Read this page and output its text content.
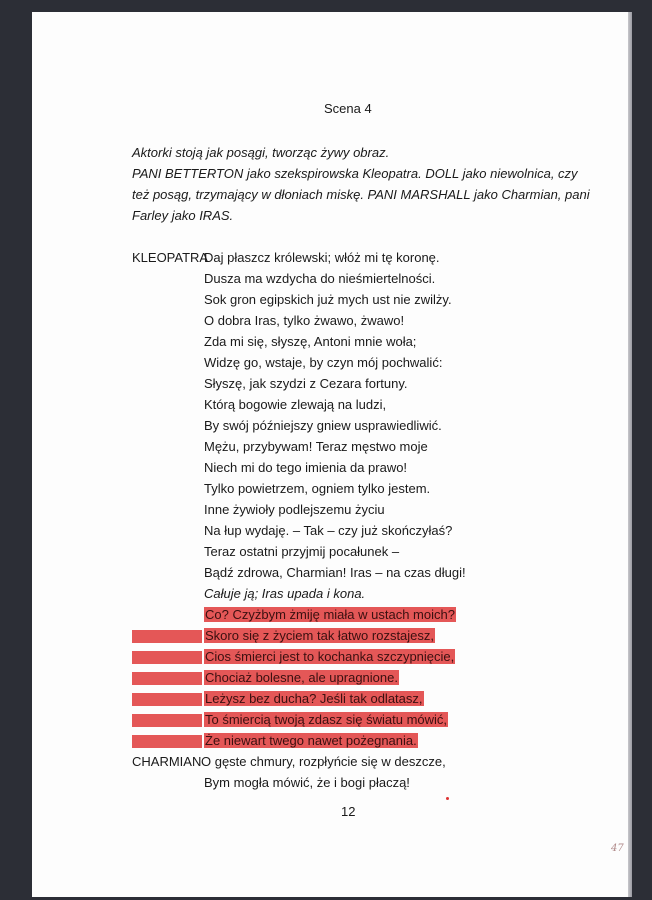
Scena 4
Aktorki stoją jak posągi, tworząc żywy obraz.
PANI BETTERTON jako szekspirowska Kleopatra. DOLL jako niewolnica, czy
też posąg, trzymający w dłoniach miskę. PANI MARSHALL jako Charmian, pani
Farley jako IRAS.
KLEOPATRA
Daj płaszcz królewski; włóż mi tę koronę.
Dusza ma wzdycha do nieśmiertelności.
Sok gron egipskich już mych ust nie zwilży.
O dobra Iras, tylko żwawo, żwawo!
Zda mi się, słyszę, Antoni mnie woła;
Widzę go, wstaje, by czyn mój pochwalić:
Słyszę, jak szydzi z Cezara fortuny.
Którą bogowie zlewają na ludzi,
By swój późniejszy gniew usprawiedliwić.
Mężu, przybywam! Teraz męstwo moje
Niech mi do tego imienia da prawo!
Tylko powietrzem, ogniem tylko jestem.
Inne żywioły podlejszemu życiu
Na łup wydaję. – Tak – czy już skończyłaś?
Teraz ostatni przyjmij pocałunek –
Bądź zdrowa, Charmian! Iras – na czas długi!
Całuje ją; Iras upada i kona.
Co? Czyżbym żmiję miała w ustach moich?
Skoro się z życiem tak łatwo rozstajesz,
Cios śmierci jest to kochanka szczypnięcie,
Chociaż bolesne, ale upragnione.
Leżysz bez ducha? Jeśli tak odlatasz,
To śmiercią twoją zdasz się światu mówić,
Że niewart twego nawet pożegnania.
CHARMIAN O gęste chmury, rozpłyńcie się w deszcze,
Bym mogła mówić, że i bogi płaczą!
12
47
